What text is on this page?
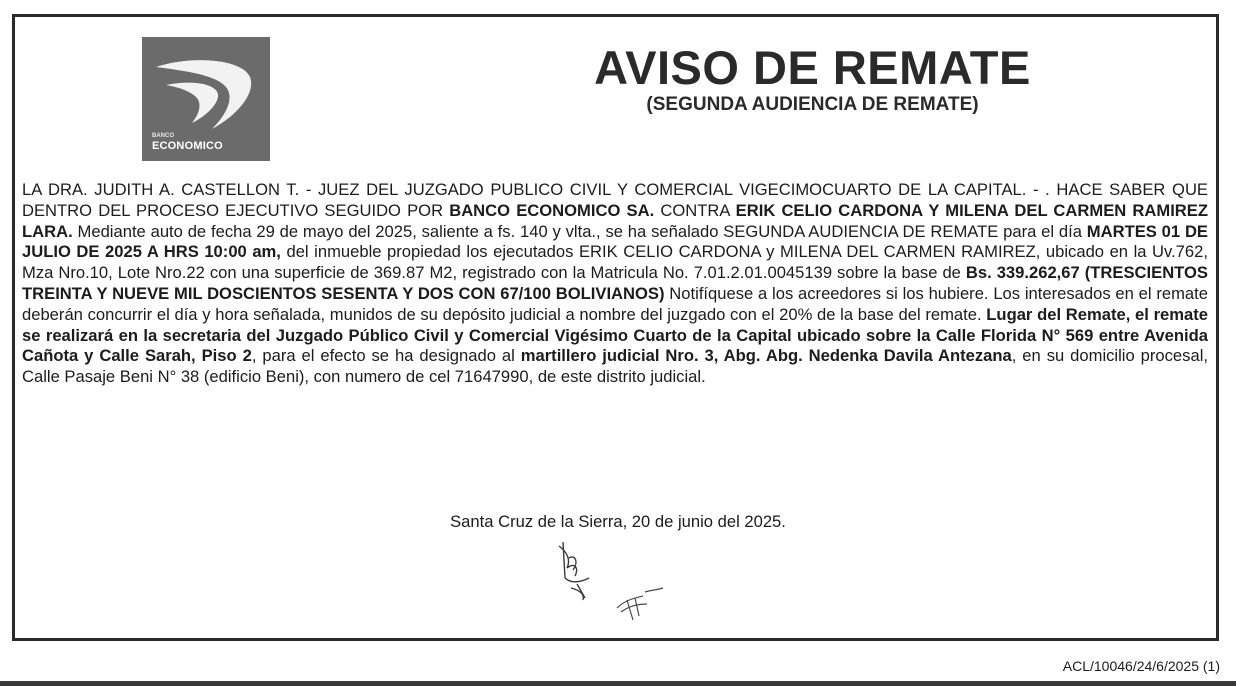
BANCO
ECONOMICO
AVISO DE REMATE
(SEGUNDA AUDIENCIA DE REMATE)
LA DRA. JUDITH A. CASTELLON T. - JUEZ DEL JUZGADO PUBLICO CIVIL Y COMERCIAL VIGECIMOCUARTO DE LA CAPITAL. - . HACE SABER QUE DENTRO DEL PROCESO EJECUTIVO SEGUIDO POR BANCO ECONOMICO SA. CONTRA ERIK CELIO CARDONA Y MILENA DEL CARMEN RAMIREZ LARA. Mediante auto de fecha 29 de mayo del 2025, saliente a fs. 140 y vlta., se ha señalado SEGUNDA AUDIENCIA DE REMATE para el día MARTES 01 DE JULIO DE 2025 A HRS 10:00 am, del inmueble propiedad los ejecutados ERIK CELIO CARDONA y MILENA DEL CARMEN RAMIREZ, ubicado en la Uv.762, Mza Nro.10, Lote Nro.22 con una superficie de 369.87 M2, registrado con la Matricula No. 7.01.2.01.0045139 sobre la base de Bs. 339.262,67 (TRESCIENTOS TREINTA Y NUEVE MIL DOSCIENTOS SESENTA Y DOS CON 67/100 BOLIVIANOS) Notifíquese a los acreedores si los hubiere. Los interesados en el remate deberán concurrir el día y hora señalada, munidos de su depósito judicial a nombre del juzgado con el 20% de la base del remate. Lugar del Remate, el remate se realizará en la secretaria del Juzgado Público Civil y Comercial Vigésimo Cuarto de la Capital ubicado sobre la Calle Florida N° 569 entre Avenida Cañota y Calle Sarah, Piso 2, para el efecto se ha designado al martillero judicial Nro. 3, Abg. Abg. Nedenka Davila Antezana, en su domicilio procesal, Calle Pasaje Beni N° 38 (edificio Beni), con numero de cel 71647990, de este distrito judicial.
Santa Cruz de la Sierra, 20 de junio del 2025.
ACL/10046/24/6/2025 (1)
